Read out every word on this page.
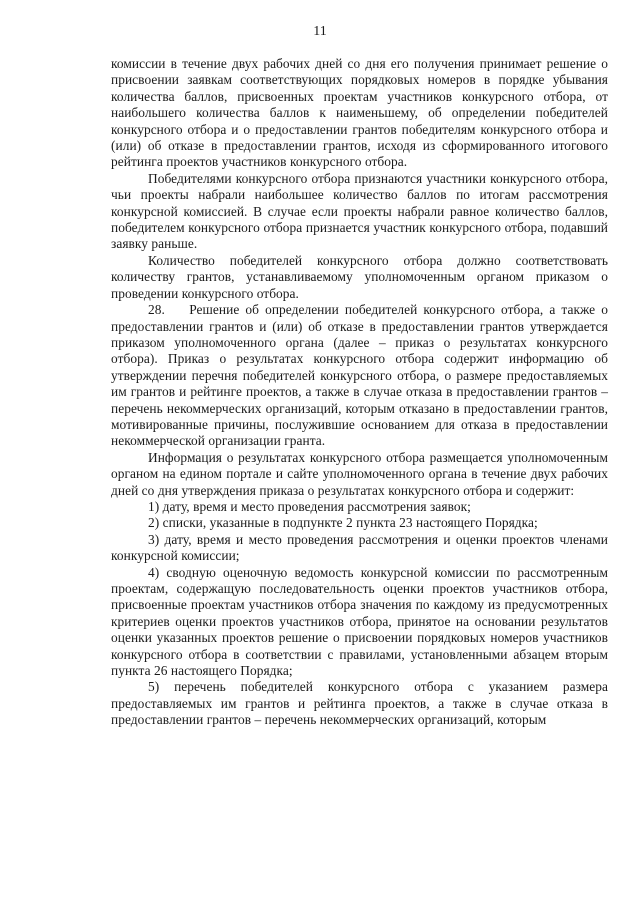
11

комиссии в течение двух рабочих дней со дня его получения принимает решение о присвоении заявкам соответствующих порядковых номеров в порядке убывания количества баллов, присвоенных проектам участников конкурсного отбора, от наибольшего количества баллов к наименьшему, об определении победителей конкурсного отбора и о предоставлении грантов победителям конкурсного отбора и (или) об отказе в предоставлении грантов, исходя из сформированного итогового рейтинга проектов участников конкурсного отбора.

Победителями конкурсного отбора признаются участники конкурсного отбора, чьи проекты набрали наибольшее количество баллов по итогам рассмотрения конкурсной комиссией. В случае если проекты набрали равное количество баллов, победителем конкурсного отбора признается участник конкурсного отбора, подавший заявку раньше.

Количество победителей конкурсного отбора должно соответствовать количеству грантов, устанавливаемому уполномоченным органом приказом о проведении конкурсного отбора.

28.    Решение об определении победителей конкурсного отбора, а также о предоставлении грантов и (или) об отказе в предоставлении грантов утверждается приказом уполномоченного органа (далее – приказ о результатах конкурсного отбора). Приказ о результатах конкурсного отбора содержит информацию об утверждении перечня победителей конкурсного отбора, о размере предоставляемых им грантов и рейтинге проектов, а также в случае отказа в предоставлении грантов – перечень некоммерческих организаций, которым отказано в предоставлении грантов, мотивированные причины, послужившие основанием для отказа в предоставлении некоммерческой организации гранта.

Информация о результатах конкурсного отбора размещается уполномоченным органом на едином портале и сайте уполномоченного органа в течение двух рабочих дней со дня утверждения приказа о результатах конкурсного отбора и содержит:

1) дату, время и место проведения рассмотрения заявок;

2) списки, указанные в подпункте 2 пункта 23 настоящего Порядка;

3) дату, время и место проведения рассмотрения и оценки проектов членами конкурсной комиссии;

4) сводную оценочную ведомость конкурсной комиссии по рассмотренным проектам, содержащую последовательность оценки проектов участников отбора, присвоенные проектам участников отбора значения по каждому из предусмотренных критериев оценки проектов участников отбора, принятое на основании результатов оценки указанных проектов решение о присвоении порядковых номеров участников конкурсного отбора в соответствии с правилами, установленными абзацем вторым пункта 26 настоящего Порядка;

5) перечень победителей конкурсного отбора с указанием размера предоставляемых им грантов и рейтинга проектов, а также в случае отказа в предоставлении грантов – перечень некоммерческих организаций, которым
